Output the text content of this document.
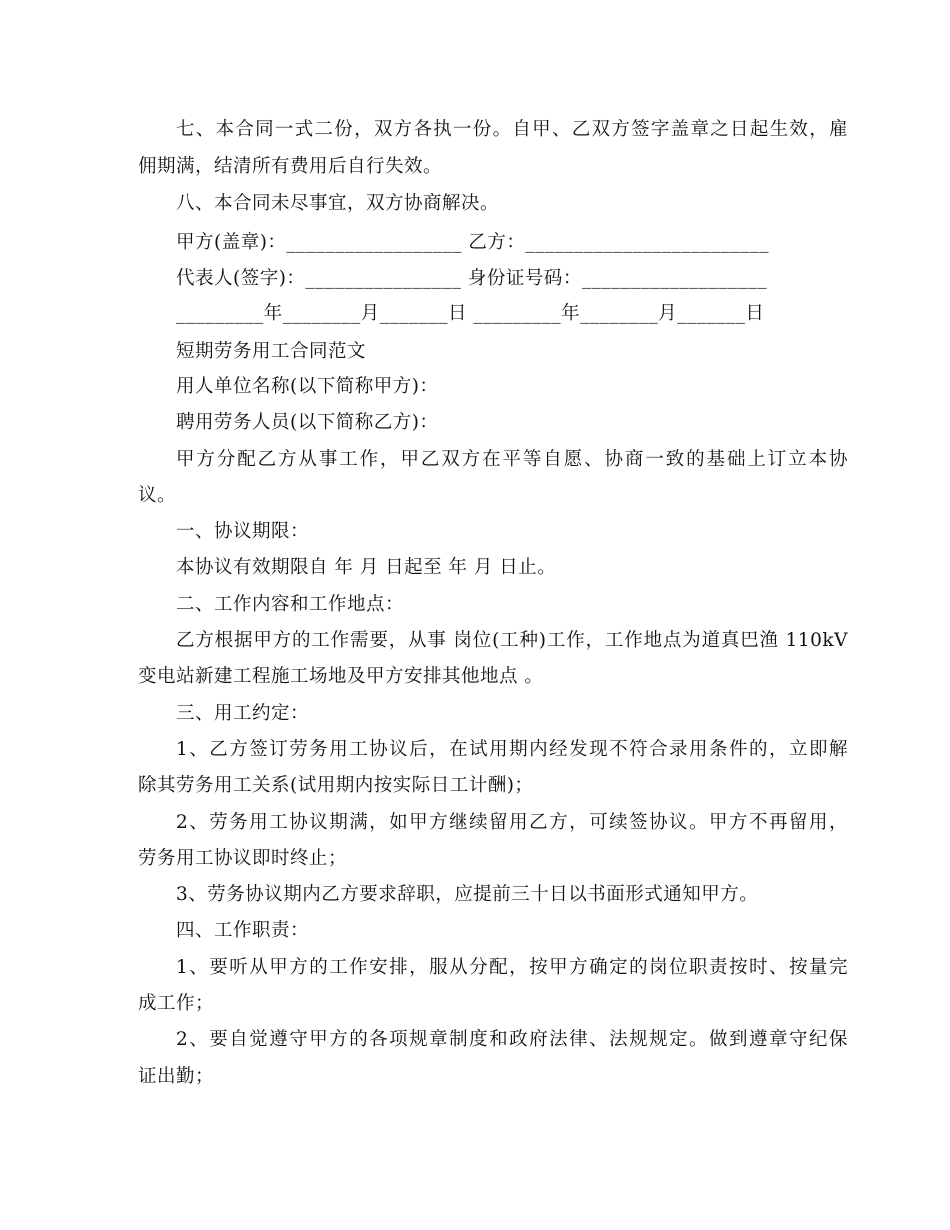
七、本合同一式二份，双方各执一份。自甲、乙双方签字盖章之日起生效，雇
佣期满，结清所有费用后自行失效。
八、本合同未尽事宜，双方协商解决。
甲方(盖章)：__________________ 乙方：_________________________
代表人(签字)：________________ 身份证号码：___________________
_________年________月_______日 _________年________月_______日
短期劳务用工合同范文
用人单位名称(以下简称甲方)：
聘用劳务人员(以下简称乙方)：
甲方分配乙方从事工作，甲乙双方在平等自愿、协商一致的基础上订立本协
议。
一、协议期限：
本协议有效期限自 年 月 日起至 年 月 日止。
二、工作内容和工作地点：
乙方根据甲方的工作需要，从事 岗位(工种)工作，工作地点为道真巴渔 110kV
变电站新建工程施工场地及甲方安排其他地点 。
三、用工约定：
1、乙方签订劳务用工协议后，在试用期内经发现不符合录用条件的，立即解
除其劳务用工关系(试用期内按实际日工计酬)；
2、劳务用工协议期满，如甲方继续留用乙方，可续签协议。甲方不再留用，
劳务用工协议即时终止；
3、劳务协议期内乙方要求辞职，应提前三十日以书面形式通知甲方。
四、工作职责：
1、要听从甲方的工作安排，服从分配，按甲方确定的岗位职责按时、按量完
成工作；
2、要自觉遵守甲方的各项规章制度和政府法律、法规规定。做到遵章守纪保
证出勤；
